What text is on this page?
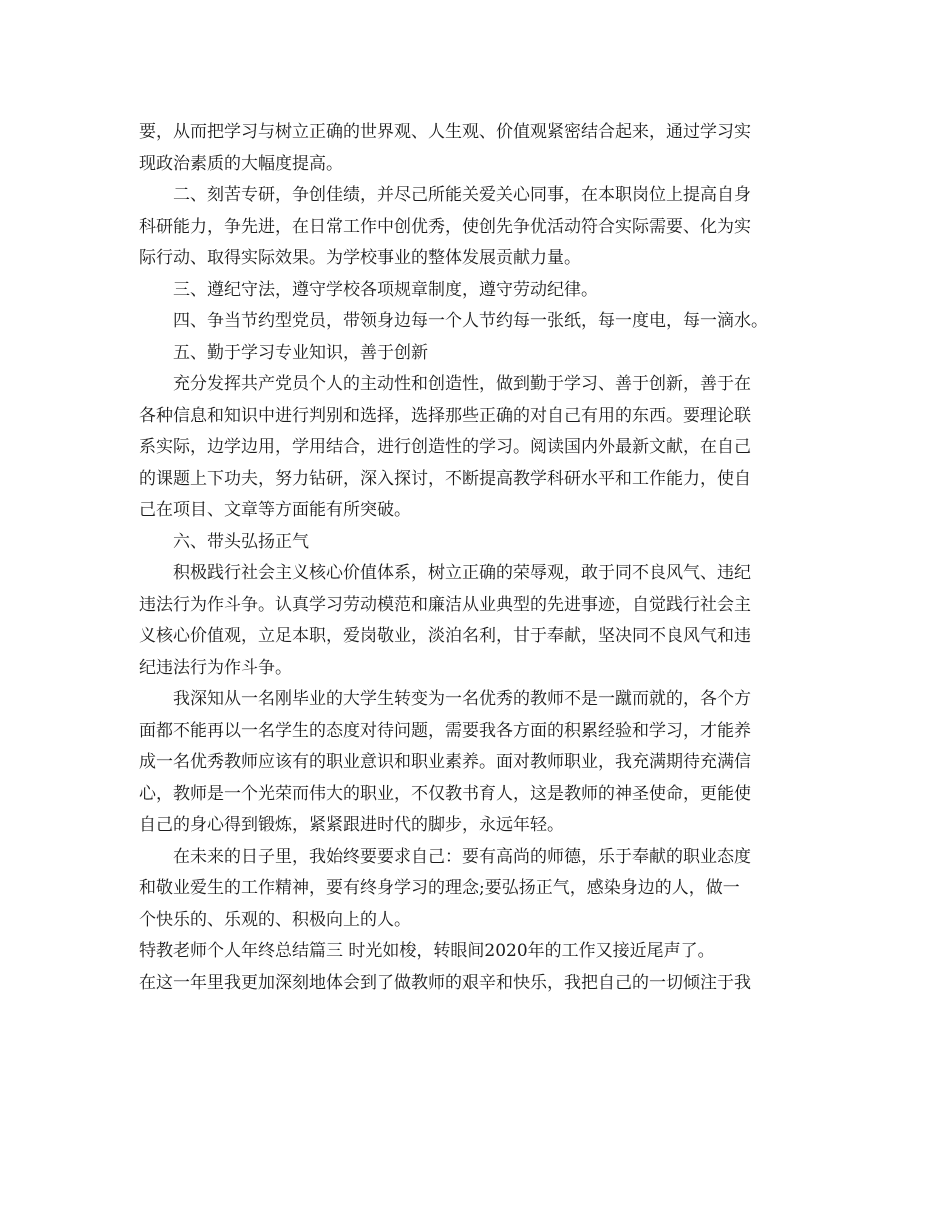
要，从而把学习与树立正确的世界观、人生观、价值观紧密结合起来，通过学习实
现政治素质的大幅度提高。
二、刻苦专研，争创佳绩，并尽己所能关爱关心同事，在本职岗位上提高自身
科研能力，争先进，在日常工作中创优秀，使创先争优活动符合实际需要、化为实
际行动、取得实际效果。为学校事业的整体发展贡献力量。
三、遵纪守法，遵守学校各项规章制度，遵守劳动纪律。
四、争当节约型党员，带领身边每一个人节约每一张纸，每一度电，每一滴水。
五、勤于学习专业知识，善于创新
充分发挥共产党员个人的主动性和创造性，做到勤于学习、善于创新，善于在
各种信息和知识中进行判别和选择，选择那些正确的对自己有用的东西。要理论联
系实际，边学边用，学用结合，进行创造性的学习。阅读国内外最新文献，在自己
的课题上下功夫，努力钻研，深入探讨，不断提高教学科研水平和工作能力，使自
己在项目、文章等方面能有所突破。
六、带头弘扬正气
积极践行社会主义核心价值体系，树立正确的荣辱观，敢于同不良风气、违纪
违法行为作斗争。认真学习劳动模范和廉洁从业典型的先进事迹，自觉践行社会主
义核心价值观，立足本职，爱岗敬业，淡泊名利，甘于奉献，坚决同不良风气和违
纪违法行为作斗争。
我深知从一名刚毕业的大学生转变为一名优秀的教师不是一蹴而就的，各个方
面都不能再以一名学生的态度对待问题，需要我各方面的积累经验和学习，才能养
成一名优秀教师应该有的职业意识和职业素养。面对教师职业，我充满期待充满信
心，教师是一个光荣而伟大的职业，不仅教书育人，这是教师的神圣使命，更能使
自己的身心得到锻炼，紧紧跟进时代的脚步，永远年轻。
在未来的日子里，我始终要要求自己：要有高尚的师德，乐于奉献的职业态度
和敬业爱生的工作精神，要有终身学习的理念;要弘扬正气，感染身边的人，做一
个快乐的、乐观的、积极向上的人。
特教老师个人年终总结篇三 时光如梭，转眼间2020年的工作又接近尾声了。
在这一年里我更加深刻地体会到了做教师的艰辛和快乐，我把自己的一切倾注于我
